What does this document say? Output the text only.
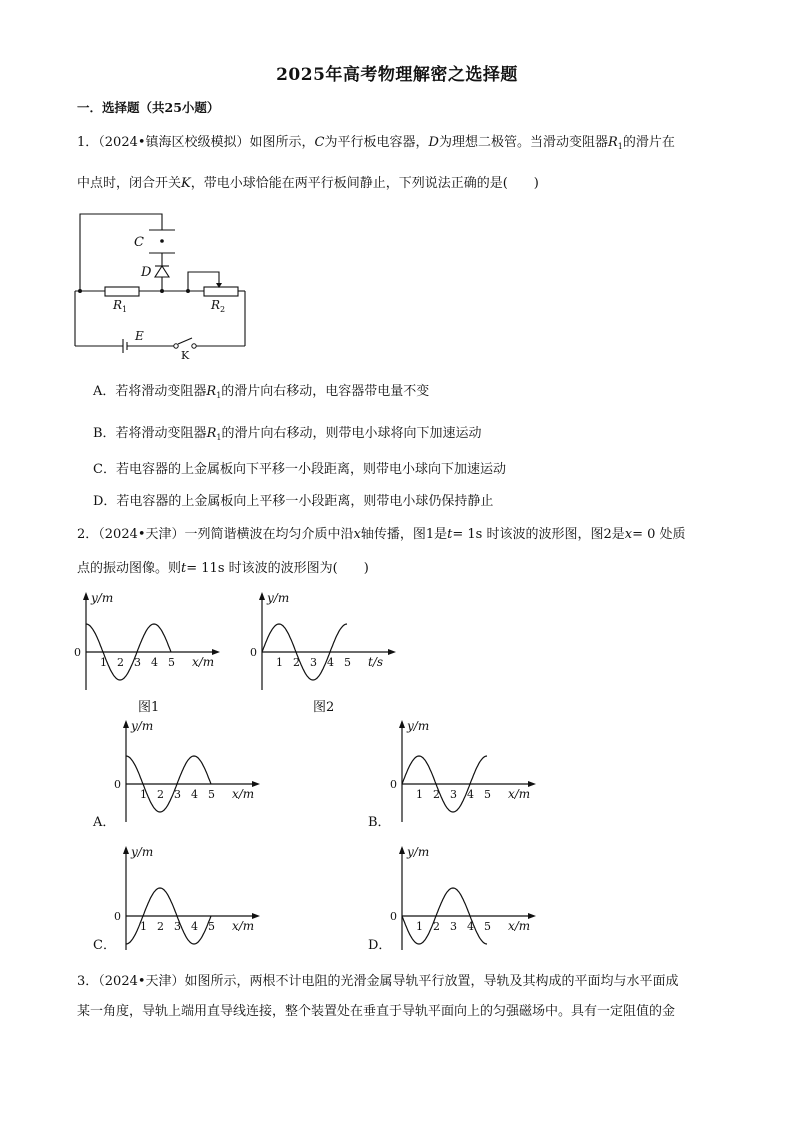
2025年高考物理解密之选择题
一．选择题（共25小题）
1．（2024•镇海区校级模拟）如图所示，C为平行板电容器，D为理想二极管。当滑动变阻器$R_1$的滑片在
中点时，闭合开关K，带电小球恰能在两平行板间静止，下列说法正确的是(　　)
C
D
$R_1$	$R_2$
E
K
A．若将滑动变阻器$R_1$的滑片向右移动，电容器带电量不变
B．若将滑动变阻器$R_1$的滑片向右移动，则带电小球将向下加速运动
C．若电容器的上金属板向下平移一小段距离，则带电小球向下加速运动
D．若电容器的上金属板向上平移一小段距离，则带电小球仍保持静止
2．（2024•天津）一列简谐横波在均匀介质中沿x轴传播，图1是t= 1s 时该波的波形图，图2是x= 0 处质
点的振动图像。则t= 11s 时该波的波形图为(　　)
1 2 3 4 5
0
y/m
x/m	1 2 3 4 5
0
y/m
t/s
图1	图2
1 2 3 4 5
0
y/m
x/m	1 2 3 4 5
0
y/m
x/m
1 2 3 4 5
0
y/m
x/m	1 2 3 4 5
0
y/m
x/m
A．	B．
C．	D．
3．（2024•天津）如图所示，两根不计电阻的光滑金属导轨平行放置，导轨及其构成的平面均与水平面成
某一角度，导轨上端用直导线连接，整个装置处在垂直于导轨平面向上的匀强磁场中。具有一定阻值的金
